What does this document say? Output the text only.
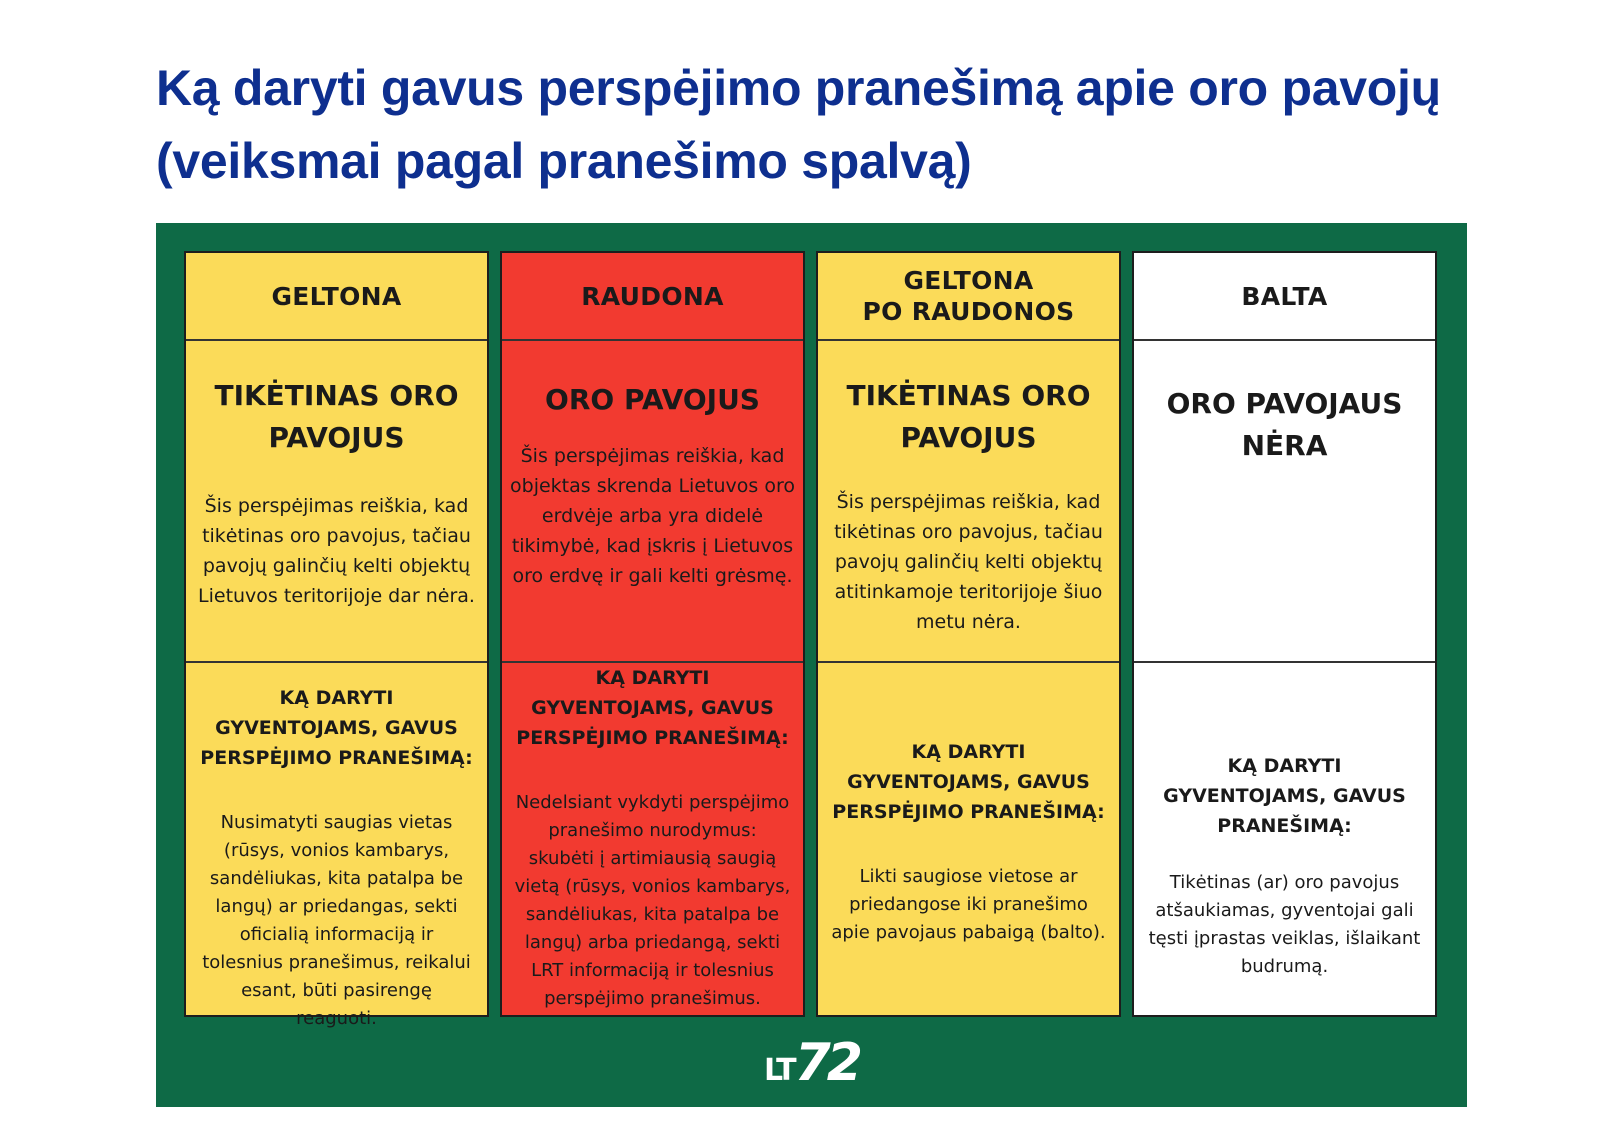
Ką daryti gavus perspėjimo pranešimą apie oro pavojų (veiksmai pagal pranešimo spalvą)
GELTONA
TIKĖTINAS ORO
PAVOJUS
Šis perspėjimas reiškia, kad tikėtinas oro pavojus, tačiau pavojų galinčių kelti objektų Lietuvos teritorijoje dar nėra.
KĄ DARYTI GYVENTOJAMS, GAVUS PERSPĖJIMO PRANEŠIMĄ:
Nusimatyti saugias vietas (rūsys, vonios kambarys, sandėliukas, kita patalpa be langų) ar priedangas, sekti oficialią informaciją ir tolesnius pranešimus, reikalui esant, būti pasirengę reaguoti.
RAUDONA
ORO PAVOJUS
Šis perspėjimas reiškia, kad objektas skrenda Lietuvos oro erdvėje arba yra didelė tikimybė, kad įskris į Lietuvos oro erdvę ir gali kelti grėsmę.
KĄ DARYTI GYVENTOJAMS, GAVUS PERSPĖJIMO PRANEŠIMĄ:
Nedelsiant vykdyti perspėjimo pranešimo nurodymus: skubėti į artimiausią saugią vietą (rūsys, vonios kambarys, sandėliukas, kita patalpa be langų) arba priedangą, sekti LRT informaciją ir tolesnius perspėjimo pranešimus.
GELTONA
PO RAUDONOS
TIKĖTINAS ORO
PAVOJUS
Šis perspėjimas reiškia, kad tikėtinas oro pavojus, tačiau pavojų galinčių kelti objektų atitinkamoje teritorijoje šiuo metu nėra.
KĄ DARYTI GYVENTOJAMS, GAVUS PERSPĖJIMO PRANEŠIMĄ:
Likti saugiose vietose ar priedangose iki pranešimo apie pavojaus pabaigą (balto).
BALTA
ORO PAVOJAUS
NĖRA
KĄ DARYTI GYVENTOJAMS, GAVUS PRANEŠIMĄ:
Tikėtinas (ar) oro pavojus atšaukiamas, gyventojai gali tęsti įprastas veiklas, išlaikant budrumą.
LT72
